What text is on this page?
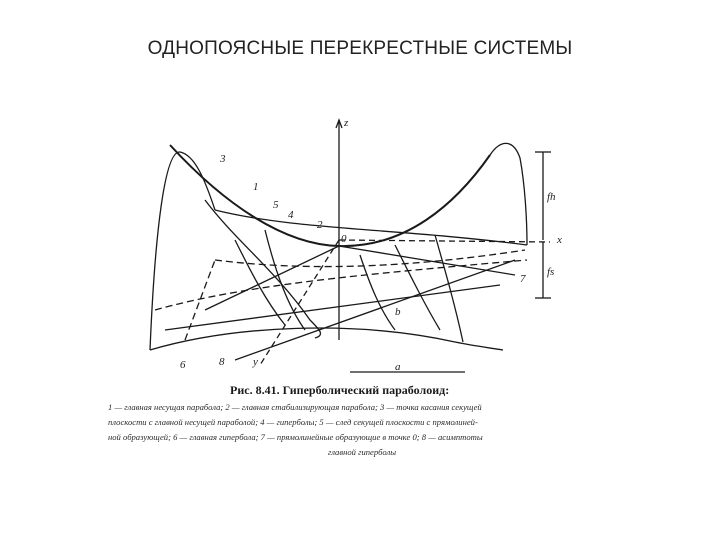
ОДНОПОЯСНЫЕ ПЕРЕКРЕСТНЫЕ СИСТЕМЫ
z
x
y
0
fh
fs
a
b
1
2
3
4
5
6
7
8
Рис. 8.41. Гиперболический параболоид:
1 — главная несущая парабола; 2 — главная стабилизирующая парабола; 3 — точка касания секущей
плоскости с главной несущей параболой; 4 — гиперболы; 5 — след секущей плоскости с прямолиней-
ной образующей; 6 — главная гипербола; 7 — прямолинейные образующие в точке 0; 8 — асимптоты
главной гиперболы
